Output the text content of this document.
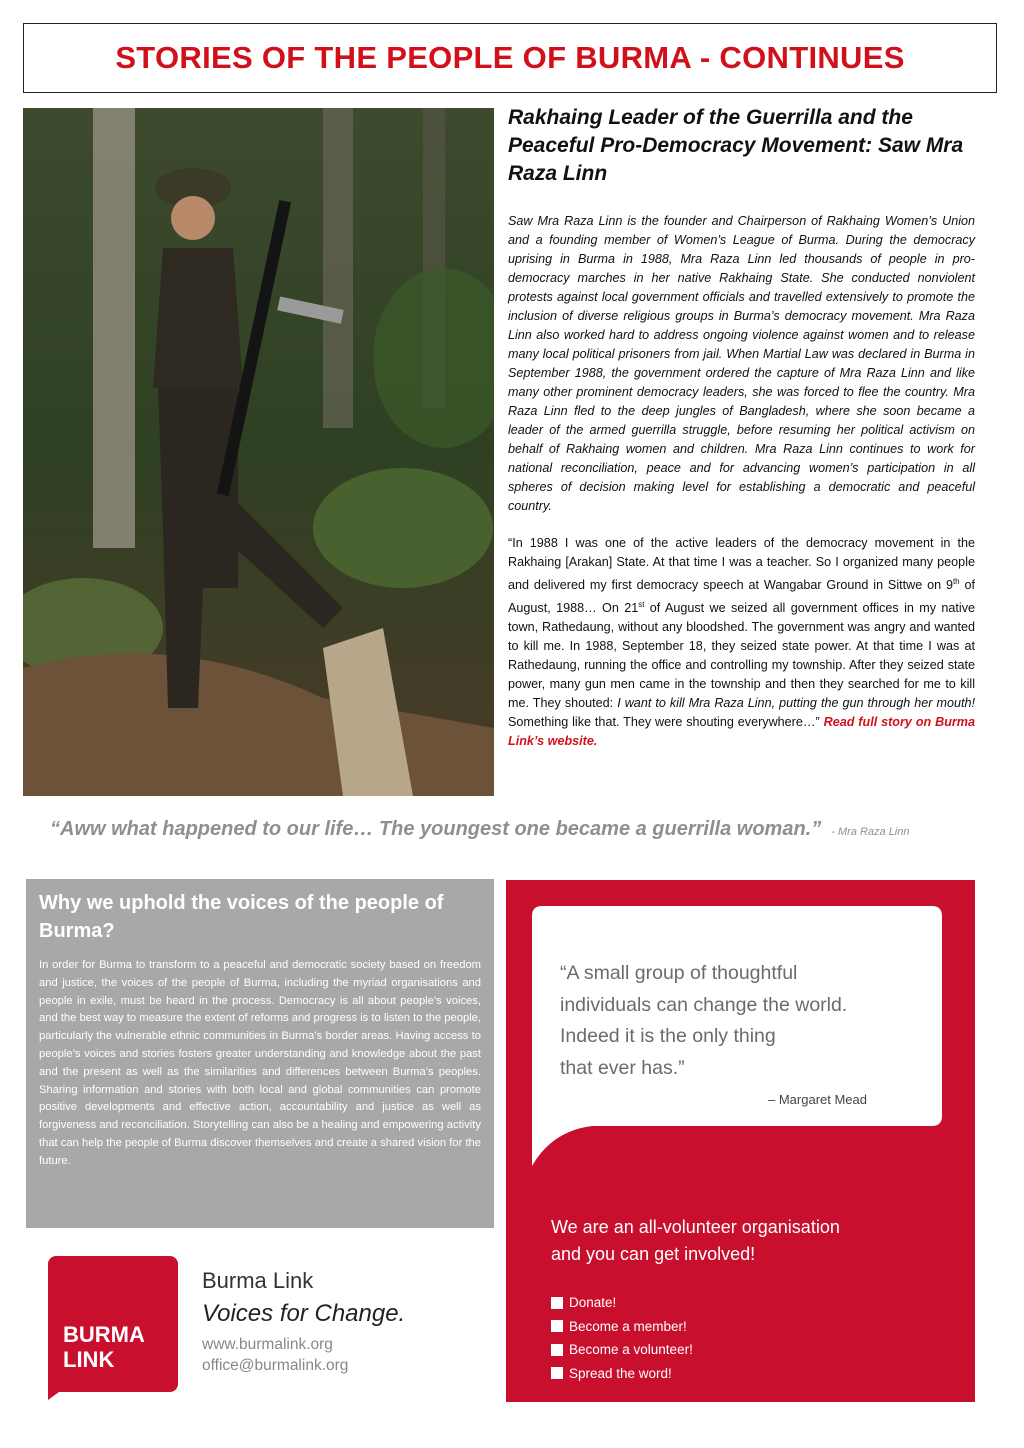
STORIES OF THE PEOPLE OF BURMA - CONTINUES
Rakhaing Leader of the Guerrilla and the Peaceful Pro-Democracy Movement: Saw Mra Raza Linn

Saw Mra Raza Linn is the founder and Chairperson of Rakhaing Women’s Union and a founding member of Women’s League of Burma. During the democracy uprising in Burma in 1988, Mra Raza Linn led thousands of people in pro-democracy marches in her native Rakhaing State. She conducted nonviolent protests against local government officials and travelled extensively to promote the inclusion of diverse religious groups in Burma’s democracy movement. Mra Raza Linn also worked hard to address ongoing violence against women and to release many local political prisoners from jail. When Martial Law was declared in Burma in September 1988, the government ordered the capture of Mra Raza Linn and like many other prominent democracy leaders, she was forced to flee the country. Mra Raza Linn fled to the deep jungles of Bangladesh, where she soon became a leader of the armed guerrilla struggle, before resuming her political activism on behalf of Rakhaing women and children. Mra Raza Linn continues to work for national reconciliation, peace and for advancing women’s participation in all spheres of decision making level for establishing a democratic and peaceful country.

“In 1988 I was one of the active leaders of the democracy movement in the Rakhaing [Arakan] State. At that time I was a teacher. So I organized many people and delivered my first democracy speech at Wangabar Ground in Sittwe on 9th of August, 1988… On 21st of August we seized all government offices in my native town, Rathedaung, without any bloodshed. The government was angry and wanted to kill me. In 1988, September 18, they seized state power. At that time I was at Rathedaung, running the office and controlling my township. After they seized state power, many gun men came in the township and then they searched for me to kill me. They shouted: I want to kill Mra Raza Linn, putting the gun through her mouth! Something like that. They were shouting everywhere…” Read full story on Burma Link’s website.

“Aww what happened to our life… The youngest one became a guerrilla woman.” - Mra Raza Linn
Why we uphold the voices of the people of Burma?

In order for Burma to transform to a peaceful and democratic society based on freedom and justice, the voices of the people of Burma, including the myriad organisations and people in exile, must be heard in the process. Democracy is all about people’s voices, and the best way to measure the extent of reforms and progress is to listen to the people, particularly the vulnerable ethnic communities in Burma’s border areas. Having access to people’s voices and stories fosters greater understanding and knowledge about the past and the present as well as the similarities and differences between Burma’s peoples. Sharing information and stories with both local and global communities can promote positive developments and effective action, accountability and justice as well as forgiveness and reconciliation. Storytelling can also be a healing and empowering activity that can help the people of Burma discover themselves and create a shared vision for the future.

BURMA
LINK

Burma Link

Voices for Change.

www.burmalink.org

office@burmalink.org

“A small group of thoughtful
individuals can change the world.
Indeed it is the only thing
that ever has.”
– Margaret Mead
We are an all-volunteer organisation
and you can get involved!
Donate!
Become a member!
Become a volunteer!
Spread the word!
